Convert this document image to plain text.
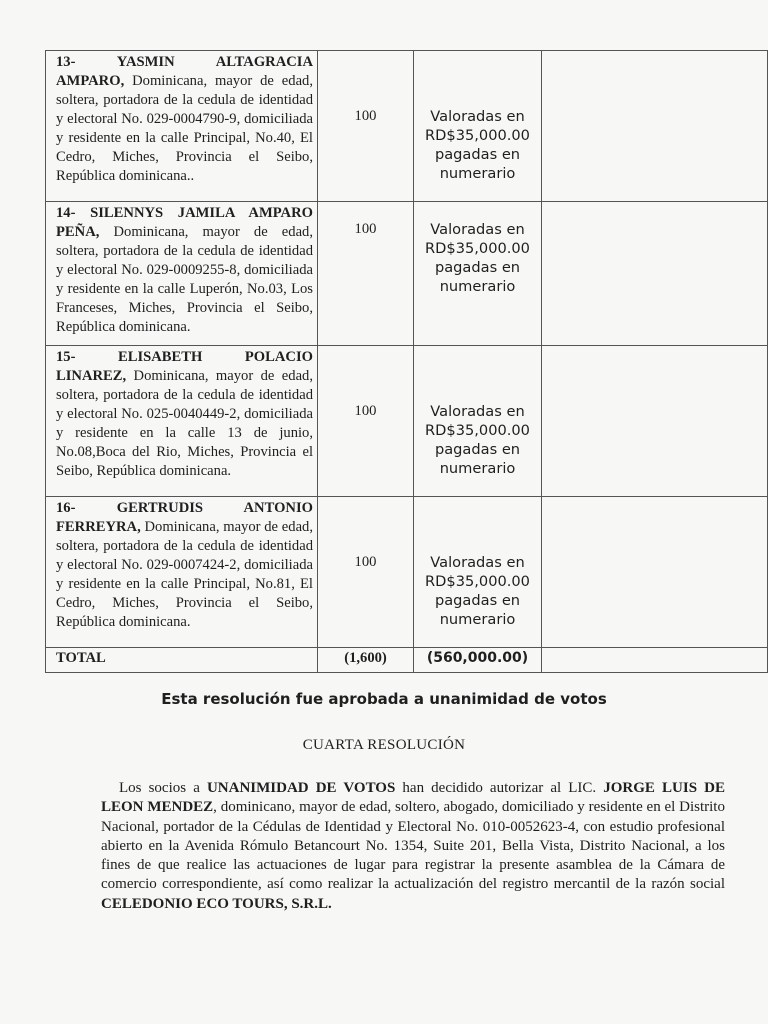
13- YASMIN ALTAGRACIA
AMPARO, Dominicana, mayor de edad, soltera, portadora de la cedula de identidad y electoral No. 029-0004790-9, domiciliada y residente en la calle Principal, No.40, El Cedro, Miches, Provincia el Seibo, República dominicana..	100	Valoradas en RD$35,000.00 pagadas en numerario	

14- SILENNYS JAMILA AMPARO
PEÑA, Dominicana, mayor de edad, soltera, portadora de la cedula de identidad y electoral No. 029-0009255-8, domiciliada y residente en la calle Luperón, No.03, Los Franceses, Miches, Provincia el Seibo, República dominicana.	100	Valoradas en RD$35,000.00 pagadas en numerario	

15- ELISABETH POLACIO
LINAREZ, Dominicana, mayor de edad, soltera, portadora de la cedula de identidad y electoral No. 025-0040449-2, domiciliada y residente en la calle 13 de junio, No.08,Boca del Rio, Miches, Provincia el Seibo, República dominicana.	100	Valoradas en RD$35,000.00 pagadas en numerario	

16- GERTRUDIS ANTONIO
FERREYRA, Dominicana, mayor de edad, soltera, portadora de la cedula de identidad y electoral No. 029-0007424-2, domiciliada y residente en la calle Principal, No.81, El Cedro, Miches, Provincia el Seibo, República dominicana.	100	Valoradas en RD$35,000.00 pagadas en numerario	
TOTAL	(1,600)	(560,000.00)	
Esta resolución fue aprobada a unanimidad de votos
CUARTA RESOLUCIÓN
Los socios a UNANIMIDAD DE VOTOS han decidido autorizar al LIC. JORGE LUIS DE LEON MENDEZ, dominicano, mayor de edad, soltero, abogado, domiciliado y residente en el Distrito Nacional, portador de la Cédulas de Identidad y Electoral No. 010-0052623-4, con estudio profesional abierto en la Avenida Rómulo Betancourt No. 1354, Suite 201, Bella Vista, Distrito Nacional, a los fines de que realice las actuaciones de lugar para registrar la presente asamblea de la Cámara de comercio correspondiente, así como realizar la actualización del registro mercantil de la razón social CELEDONIO ECO TOURS, S.R.L.
